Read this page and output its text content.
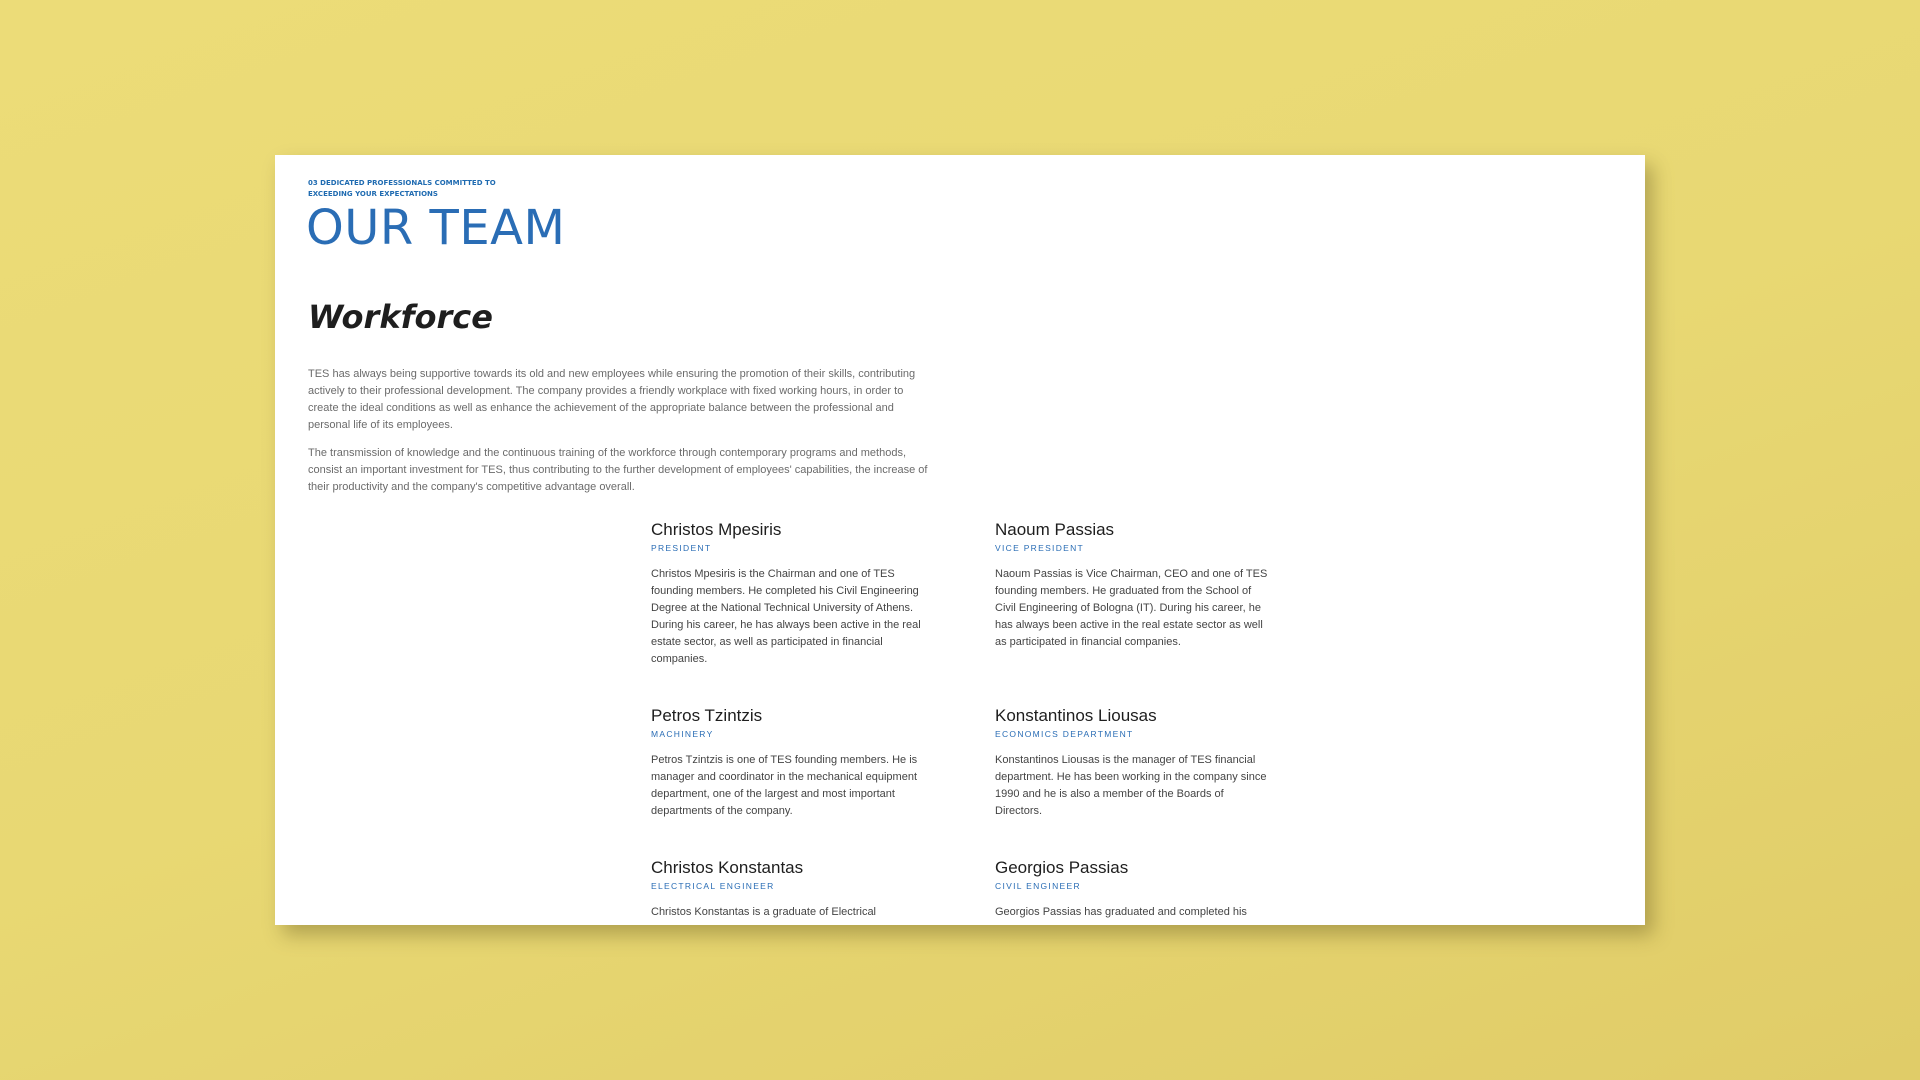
03 DEDICATED PROFESSIONALS COMMITTED TO EXCEEDING YOUR EXPECTATIONS
OUR TEAM
Workforce

TES has always being supportive towards its old and new employees while ensuring the promotion of their skills, contributing actively to their professional development. The company provides a friendly workplace with fixed working hours, in order to create the ideal conditions as well as enhance the achievement of the appropriate balance between the professional and personal life of its employees.

The transmission of knowledge and the continuous training of the workforce through contemporary programs and methods, consist an important investment for TES, thus contributing to the further development of employees' capabilities, the increase of their productivity and the company's competitive advantage overall.

Christos Mpesiris
PRESIDENT
Christos Mpesiris is the Chairman and one of TES founding members. He completed his Civil Engineering Degree at the National Technical University of Athens. During his career, he has always been active in the real estate sector, as well as participated in financial companies.
Naoum Passias
VICE PRESIDENT
Naoum Passias is Vice Chairman, CEO and one of TES founding members. He graduated from the School of Civil Engineering of Bologna (IT). During his career, he has always been active in the real estate sector as well as participated in financial companies.
Petros Tzintzis
MACHINERY
Petros Tzintzis is one of TES founding members. He is manager and coordinator in the mechanical equipment department, one of the largest and most important departments of the company.
Konstantinos Liousas
ECONOMICS DEPARTMENT
Konstantinos Liousas is the manager of TES financial department. He has been working in the company since 1990 and he is also a member of the Boards of Directors.
Christos Konstantas
ELECTRICAL ENGINEER
Christos Konstantas is a graduate of Electrical
Georgios Passias
CIVIL ENGINEER
Georgios Passias has graduated and completed his
